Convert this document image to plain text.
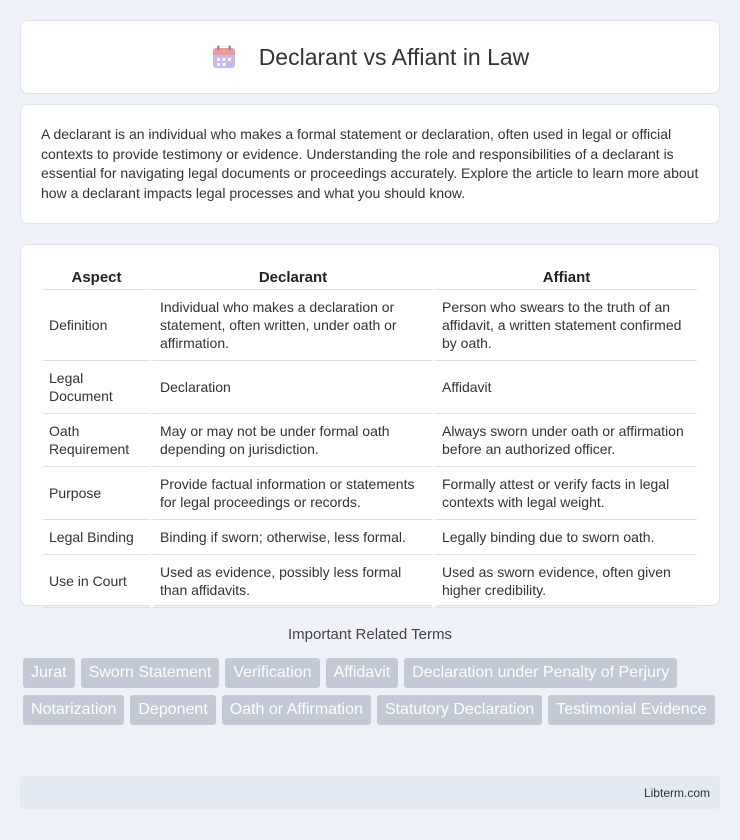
Declarant vs Affiant in Law

A declarant is an individual who makes a formal statement or declaration, often used in legal or official contexts to provide testimony or evidence. Understanding the role and responsibilities of a declarant is essential for navigating legal documents or proceedings accurately. Explore the article to learn more about how a declarant impacts legal processes and what you should know.

Aspect	Declarant	Affiant
Definition	Individual who makes a declaration or statement, often written, under oath or affirmation.	Person who swears to the truth of an affidavit, a written statement confirmed by oath.
Legal Document	Declaration	Affidavit
Oath Requirement	May or may not be under formal oath depending on jurisdiction.	Always sworn under oath or affirmation before an authorized officer.
Purpose	Provide factual information or statements for legal proceedings or records.	Formally attest or verify facts in legal contexts with legal weight.
Legal Binding	Binding if sworn; otherwise, less formal.	Legally binding due to sworn oath.
Use in Court	Used as evidence, possibly less formal than affidavits.	Used as sworn evidence, often given higher credibility.
Important Related Terms
Jurat	Sworn Statement	Verification	Affidavit	Declaration under Penalty of Perjury
Notarization	Deponent	Oath or Affirmation	Statutory Declaration	Testimonial Evidence
Libterm.com
